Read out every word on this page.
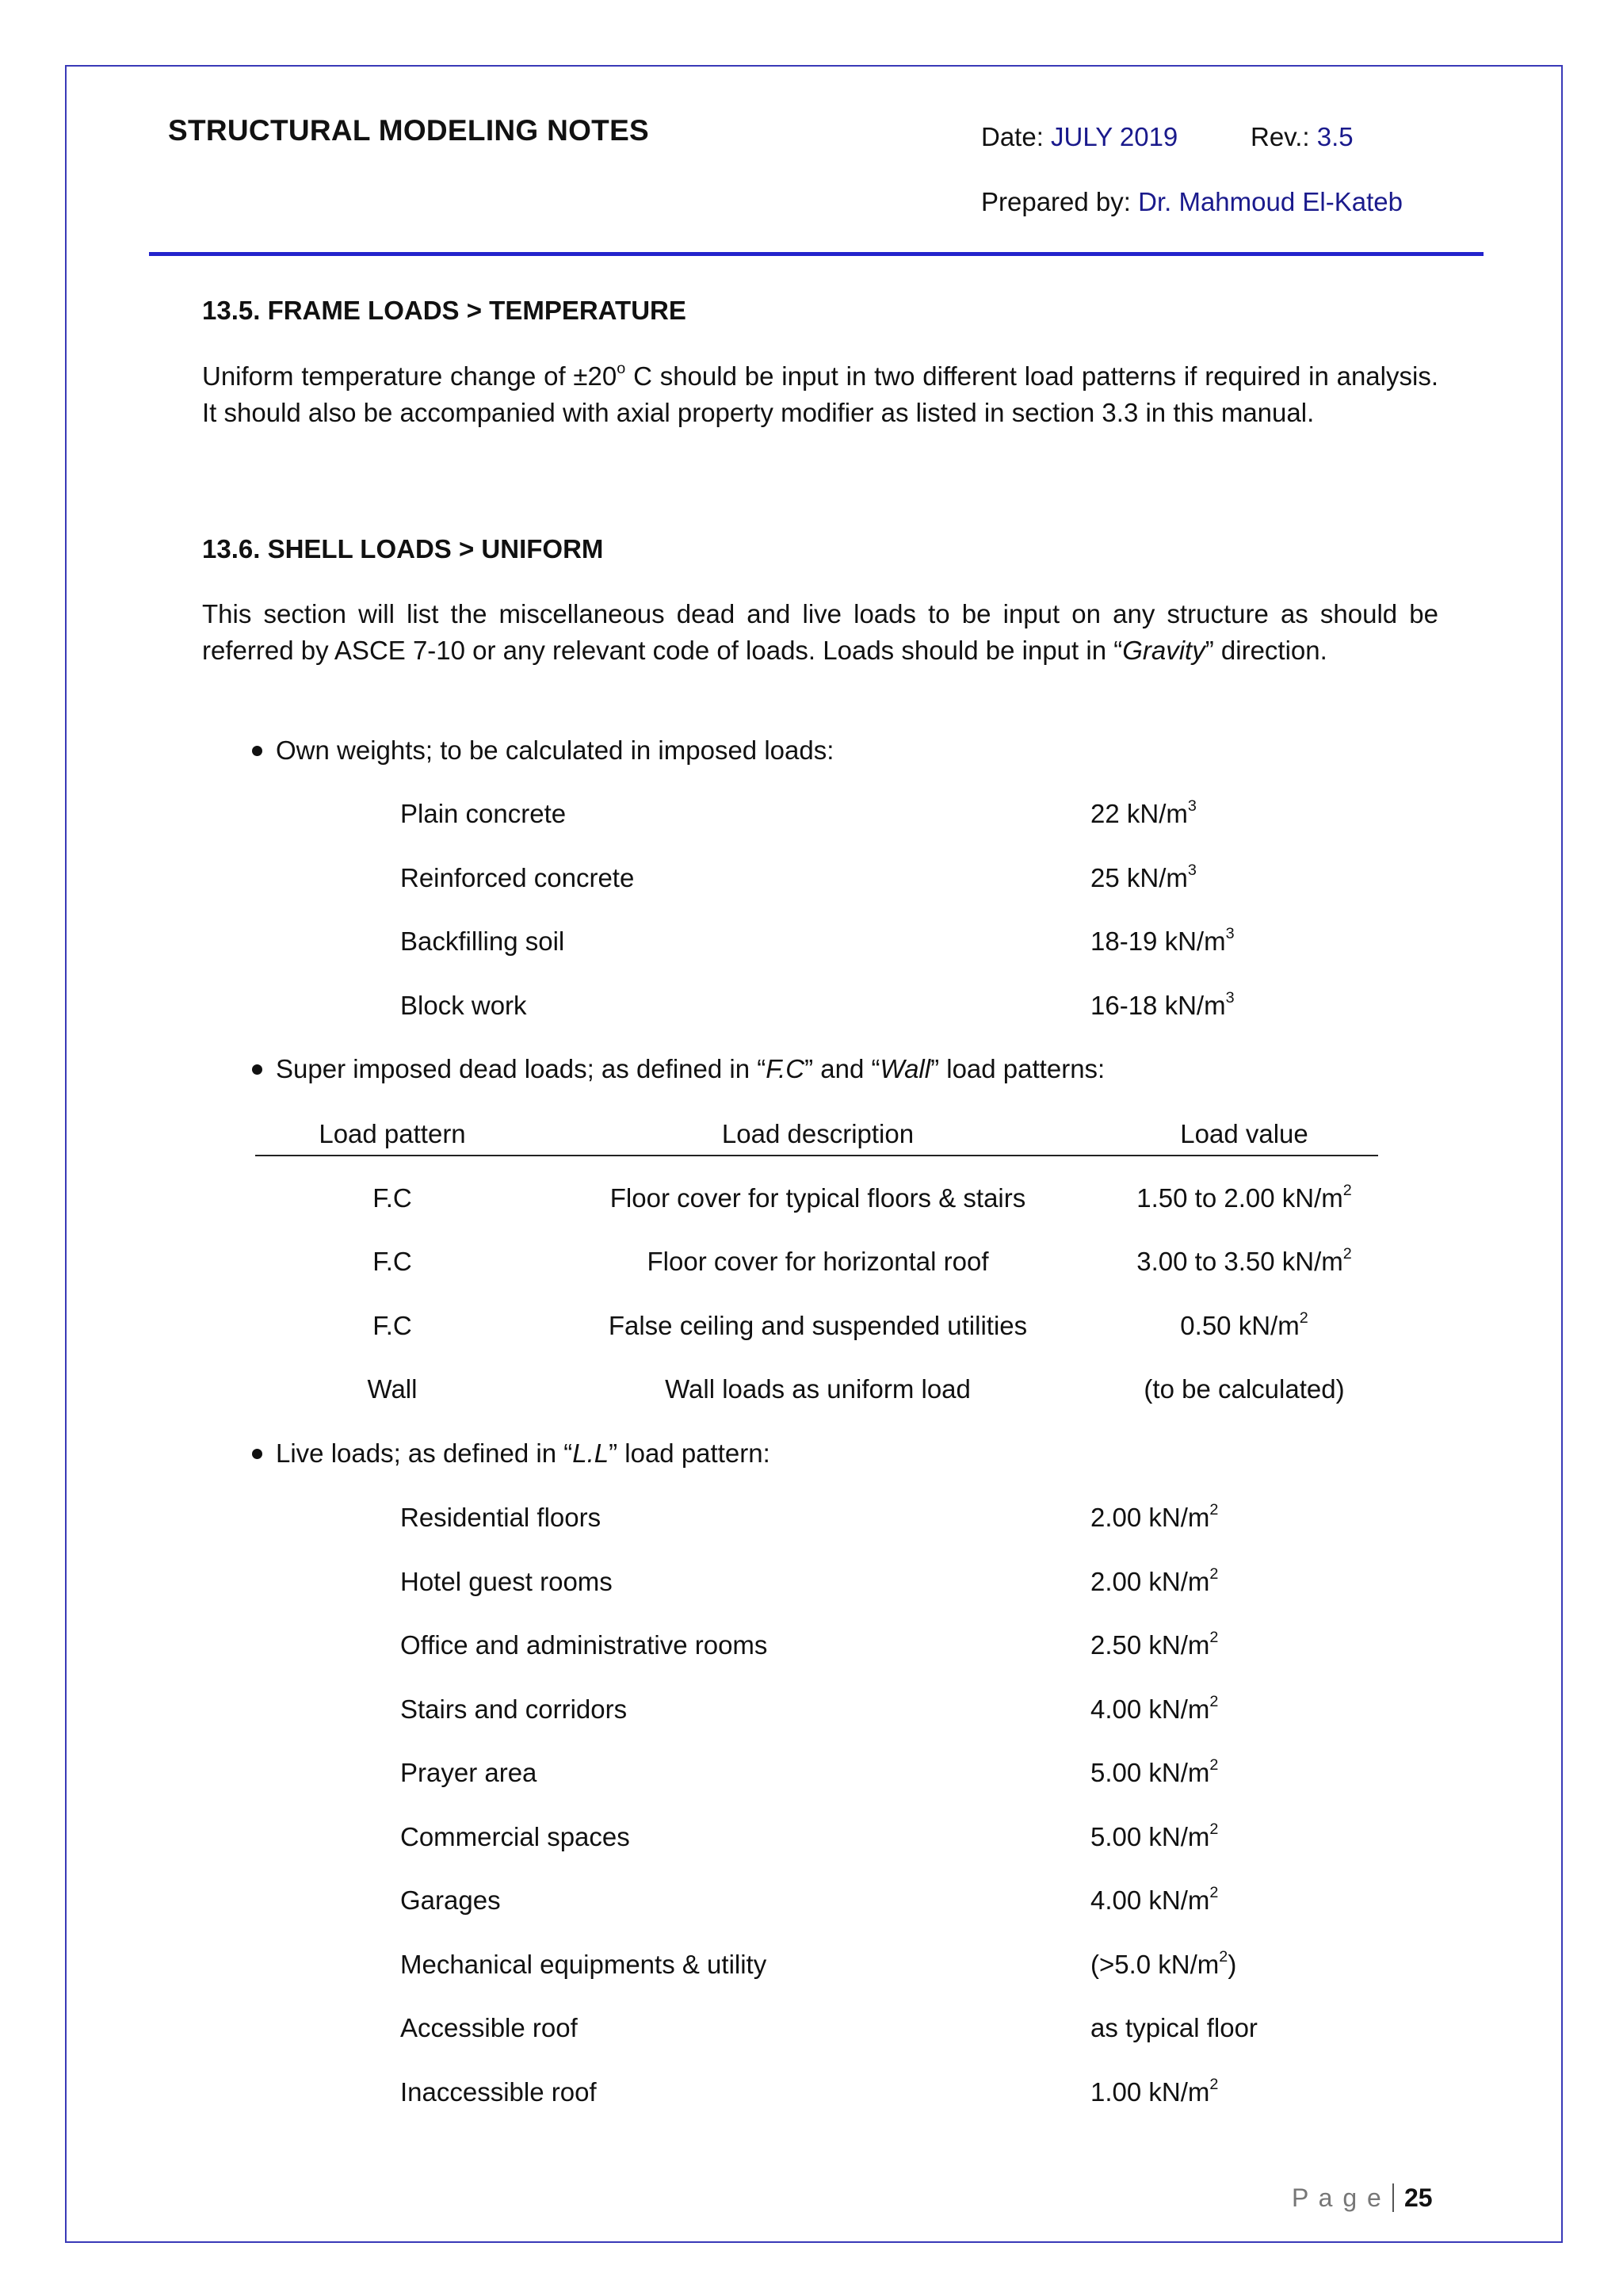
STRUCTURAL MODELING NOTES	Date: JULY 2019	Rev.: 3.5
Prepared by: Dr. Mahmoud El-Kateb
13.5. FRAME LOADS > TEMPERATURE
Uniform temperature change of $\pm 20^o$ C should be input in two different load patterns if required in analysis. It should also be accompanied with axial property modifier as listed in section 3.3 in this manual.
13.6. SHELL LOADS > UNIFORM
This section will list the miscellaneous dead and live loads to be input on any structure as should be referred by ASCE 7-10 or any relevant code of loads. Loads should be input in “Gravity” direction.
Own weights; to be calculated in imposed loads:
Plain concrete	22 $kN/m^3$
Reinforced concrete	25 $kN/m^3$
Backfilling soil	18-19 $kN/m^3$
Block work	16-18 $kN/m^3$
Super imposed dead loads; as defined in “F.C” and “Wall” load patterns:
Load pattern	Load description	Load value
F.C	Floor cover for typical floors & stairs	1.50 to 2.00 $kN/m^2$
F.C	Floor cover for horizontal roof	3.00 to 3.50 $kN/m^2$
F.C	False ceiling and suspended utilities	0.50 $kN/m^2$
Wall	Wall loads as uniform load	(to be calculated)
Live loads; as defined in “L.L” load pattern:
Residential floors	2.00 $kN/m^2$
Hotel guest rooms	2.00 $kN/m^2$
Office and administrative rooms	2.50 $kN/m^2$
Stairs and corridors	4.00 $kN/m^2$
Prayer area	5.00 $kN/m^2$
Commercial spaces	5.00 $kN/m^2$
Garages	4.00 $kN/m^2$
Mechanical equipments & utility	(>5.0 $kN/m^2$)
Accessible roof	as typical floor
Inaccessible roof	1.00 $kN/m^2$
P a g e 25
